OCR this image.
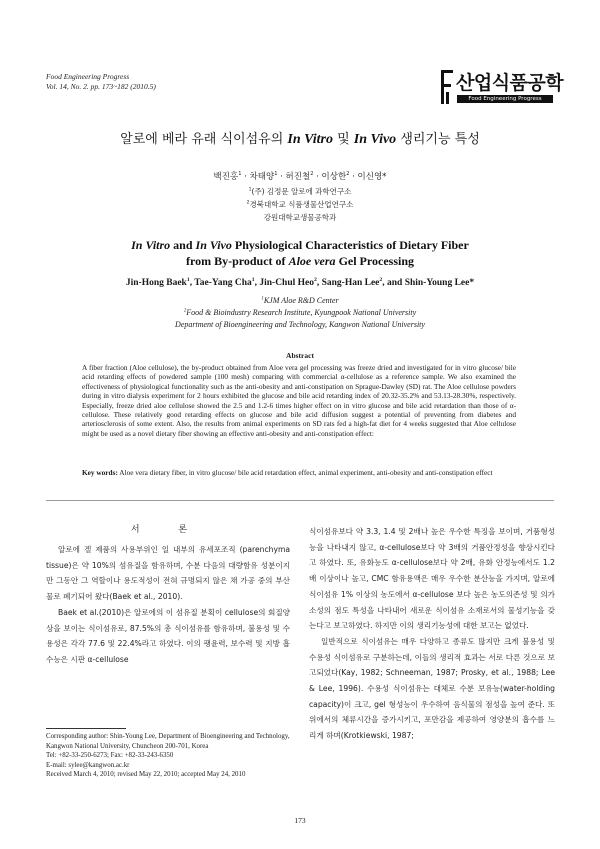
Food Engineering Progress
Vol. 14, No. 2. pp. 173~182 (2010.5)	산업식품공학
Food Engineering Progress
알로에 베라 유래 식이섬유의 In Vitro 및 In Vivo 생리기능 특성
백진홍$^1$ · 차태양$^1$ · 허진철$^2$ · 이상한$^2$ · 이신영*
$^1$(주) 김정문 알로에 과학연구소
$^2$경북대학교 식품생물산업연구소
강원대학교생물공학과
In Vitro and In Vivo Physiological Characteristics of Dietary Fiber
from By-product of Aloe vera Gel Processing
Jin-Hong Baek$^1$, Tae-Yang Cha$^1$, Jin-Chul Heo$^2$, Sang-Han Lee$^2$, and Shin-Young Lee*
$^1$KJM Aloe R&D Center
$^2$Food & Bioindustry Research Institute, Kyungpook National University
Department of Bioengineering and Technology, Kangwon National University
Abstract
A fiber fraction (Aloe cellulose), the by-product obtained from Aloe vera gel processing was freeze dried and investigated for in vitro glucose/ bile acid retarding effects of powdered sample (100 mesh) comparing with commercial α-cellulose as a reference sample. We also examined the effectiveness of physiological functionality such as the anti-obesity and anti-constipation on Sprague-Dawley (SD) rat. The Aloe cellulose powders during in vitro dialysis experiment for 2 hours exhibited the glucose and bile acid retarding index of 20.32-35.2% and 53.13-28.30%, respectively. Especially, freeze dried aloe cellulose showed the 2.5 and 1.2-6 times higher effect on in vitro glucose and bile acid retardation than those of α-cellulose. These relatively good retarding effects on glucose and bile acid diffusion suggest a potential of preventing from diabetes and arteriosclerosis of some extent. Also, the results from animal experiments on SD rats fed a high-fat diet for 4 weeks suggested that Aloe cellulose might be used as a novel dietary fiber showing an effective anti-obesity and anti-constipation effect:
Key words: Aloe vera dietary fiber, in vitro glucose/ bile acid retardation effect, animal experiment, anti-obesity and anti-constipation effect
서 론

알로에 겔 제품의 사용부위인 일 내부의 유세포조직 (parenchyma tissue)은 약 10%의 섬유질을 함유하며, 수분 다음의 대량함유 성분이지만 그동안 그 역할이나 용도적성이 전혀 규명되지 않은 채 가공 중의 부산물로 폐기되어 왔다(Baek et al., 2010).

Baek et al.(2010)은 알로에의 이 섬유질 분획이 cellulose의 회질양상을 보이는 식이섬유로, 87.5%의 총 식이섬유를 함유하며, 불용성 및 수용성은 각각 77.6 및 22.4%라고 하였다. 이의 팽윤력, 보수력 및 지방 흡수능은 시판 α-cellulose

식이섬유보다 약 3.3, 1.4 및 2배나 높은 우수한 특징을 보이며, 거품형성능을 나타내지 않고, α-cellulose보다 약 3배의 거품안정성을 향상시킨다고 하였다. 또, 유화능도 α-cellulose보다 약 2배, 유화 안정능에서도 1.2배 이상이나 높고, CMC 함유용액은 매우 우수한 분산능을 가지며, 알로에 식이섬유 1% 이상의 농도에서 α-cellulose 보다 높은 농도의존성 및 의가소성의 점도 특성을 나타내어 새로운 식이섬유 소재로서의 물성기능을 갖는다고 보고하였다. 하지만 이의 생리기능성에 대한 보고는 없었다.

일반적으로 식이섬유는 매우 다양하고 종류도 많지만 크게 불용성 및 수용성 식이섬유로 구분하는데, 이들의 생리적 효과는 서로 다른 것으로 보고되었다(Kay, 1982; Schneeman, 1987; Prosky, et al., 1988; Lee & Lee, 1996). 수용성 식이섬유는 대체로 수분 보유능(water-holding capacity)이 크고, gel 형성능이 우수하여 음식물의 점성을 높여 준다. 또 위에서의 체류시간을 증가시키고, 포만감을 제공하여 영양분의 흡수를 느리게 하며(Krotkiewski, 1987;

Corresponding author: Shin-Young Lee, Department of Bioengineering and Technology, Kangwon National University, Chuncheon 200-701, Korea
Tel: +82-33-250-6273; Fax: +82-33-243-6350
E-mail: sylee@kangwon.ac.kr
Received March 4, 2010; revised May 22, 2010; accepted May 24, 2010
173
